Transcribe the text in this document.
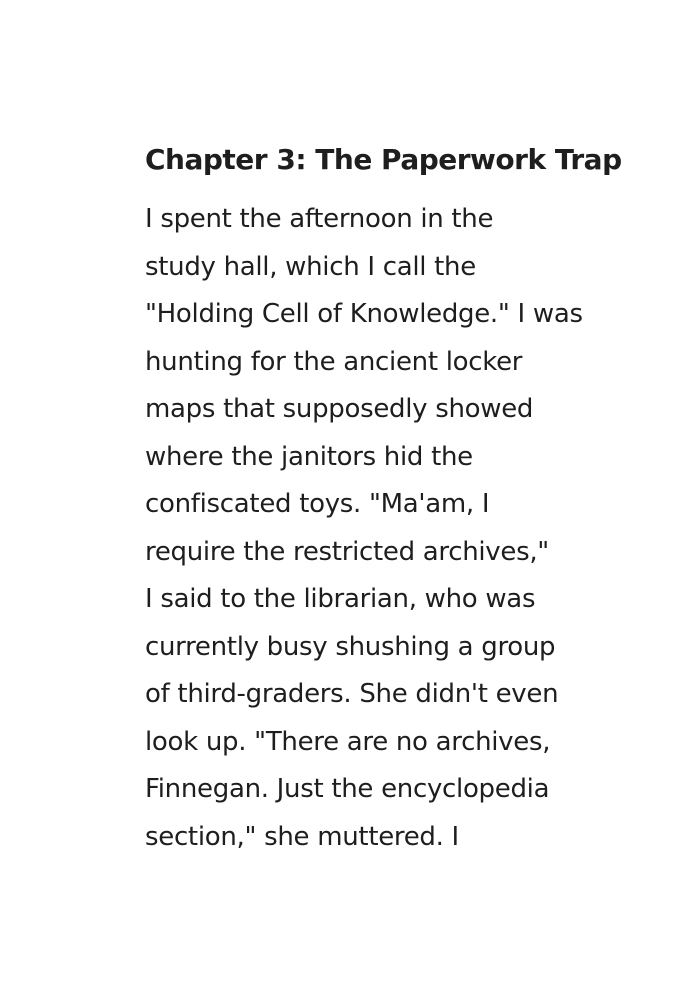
Chapter 3: The Paperwork Trap
I spent the afternoon in the
study hall, which I call the
"Holding Cell of Knowledge." I was
hunting for the ancient locker
maps that supposedly showed
where the janitors hid the
confiscated toys. "Ma'am, I
require the restricted archives,"
I said to the librarian, who was
currently busy shushing a group
of third-graders. She didn't even
look up. "There are no archives,
Finnegan. Just the encyclopedia
section," she muttered. I
